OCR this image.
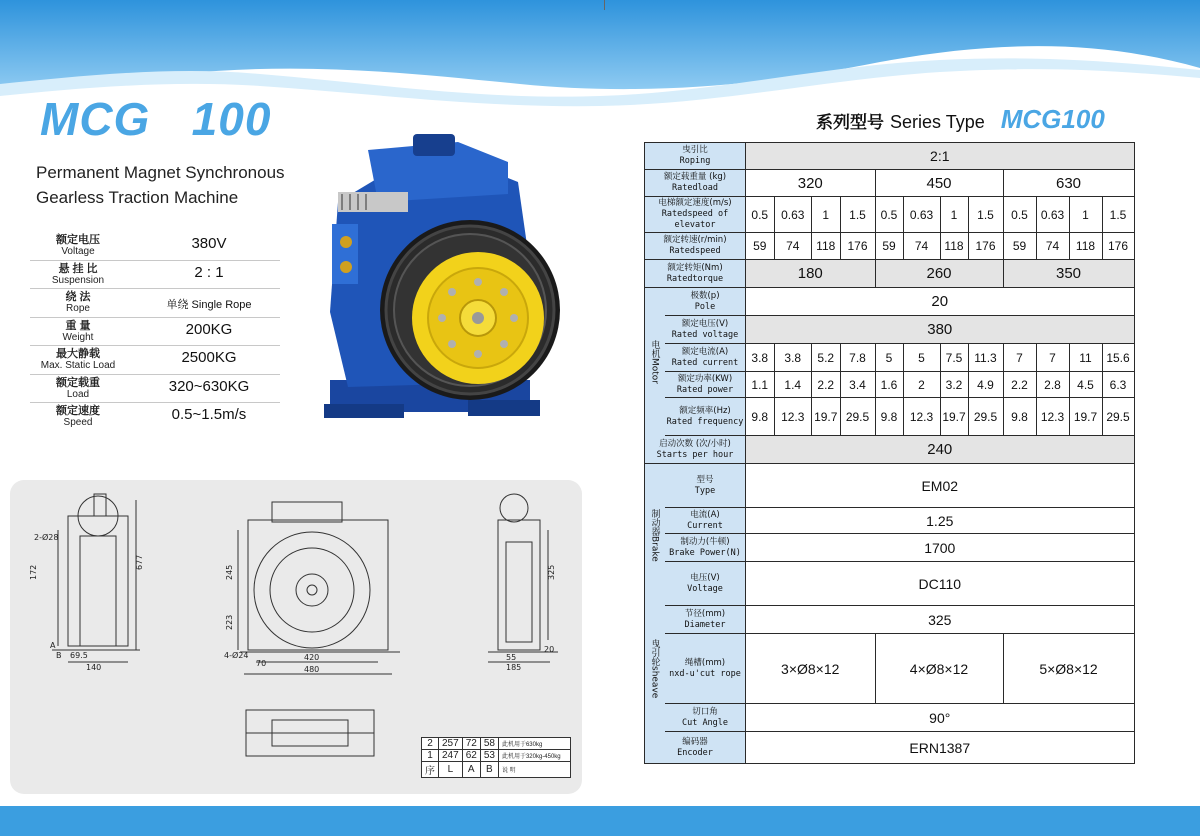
MCG   100
Permanent Magnet Synchronous
Gearless Traction Machine
额定电压
Voltage	380V
悬 挂 比
Suspension	2 : 1
绕 法
Rope	单绕 Single Rope
重 量
Weight	200KG
最大静载
Max. Static Load	2500KG
额定载重
Load	320~630KG
额定速度
Speed	0.5~1.5m/s
2-Ø28
172
677
A
B 69.5
140
245
223
4-Ø24
70
420
480
325
55
185
20
2	257	72	58	此机用于630kg
1	247	62	53	此机用于320kg-450kg
序	L	A	B	说 明
系列型号 Series Type MCG100
曳引比
Roping	2:1											

额定载重量 (kg)
Ratedload	320				450				630			

电梯额定速度(m/s)
Ratedspeed of elevator	0.5	0.63	1	1.5	0.5	0.63	1	1.5	0.5	0.63	1	1.5

额定转速(r/min)
Ratedspeed	59	74	118	176	59	74	118	176	59	74	118	176

额定转矩(Nm)
Ratedtorque	180				260				350			

电机Motor
极数(p)
Pole	20											

额定电压(V)
Rated voltage	380											

额定电流(A)
Rated current	3.8	3.8	5.2	7.8	5	5	7.5	11.3	7	7	11	15.6

额定功率(KW)
Rated power	1.1	1.4	2.2	3.4	1.6	2	3.2	4.9	2.2	2.8	4.5	6.3

额定频率(Hz)
Rated frequency	9.8	12.3	19.7	29.5	9.8	12.3	19.7	29.5	9.8	12.3	19.7	29.5

启动次数 (次/小时)
Starts per hour	240											

制动器Brake
型号
Type	EM02											

电流(A)
Current	1.25											

制动力(牛顿)
Brake Power(N)	1700											

电压(V)
Voltage	DC110											

曳引轮sheave
节径(mm)
Diameter	325											

绳槽(mm)
nxd-u'cut rope	3×Ø8×12				4×Ø8×12				5×Ø8×12			

切口角
Cut Angle	90°											

编码器
Encoder	ERN1387											
